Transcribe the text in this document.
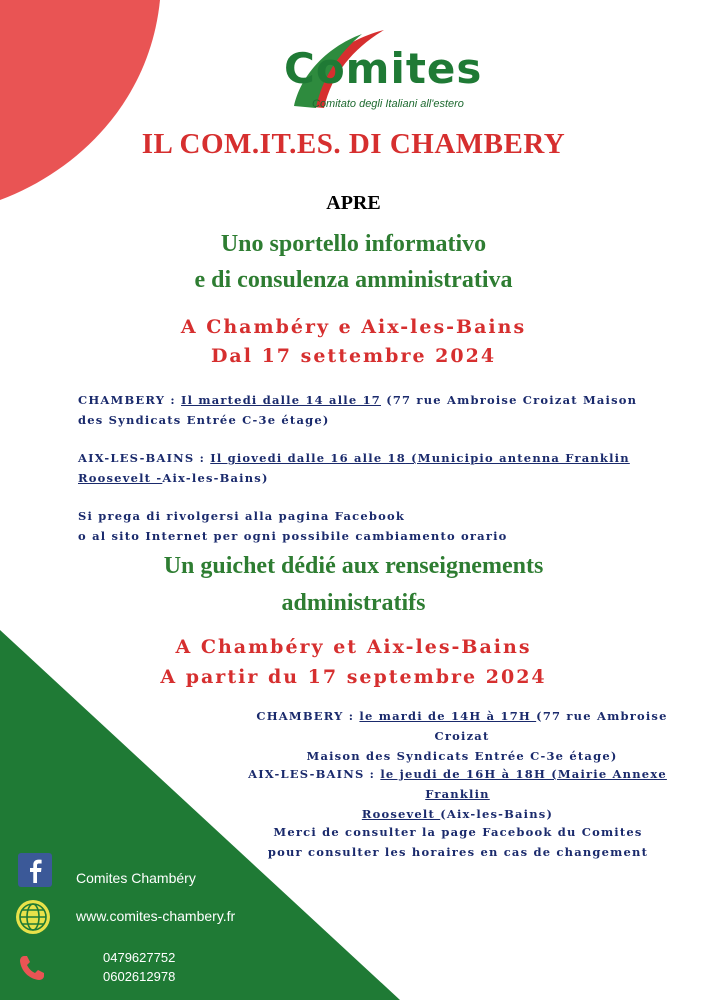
Comites
Comitato degli Italiani all'estero
IL COM.IT.ES. DI CHAMBERY
APRE
Uno sportello informativo
e di consulenza amministrativa
A Chambéry e Aix-les-Bains
Dal 17 settembre 2024
CHAMBERY : Il martedi dalle 14 alle 17 (77 rue Ambroise Croizat Maison
des Syndicats Entrée C-3e étage)
AIX-LES-BAINS : Il giovedi dalle 16 alle 18 (Municipio antenna Franklin
Roosevelt -Aix-les-Bains)
Si prega di rivolgersi alla pagina Facebook
o al sito Internet per ogni possibile cambiamento orario
Un guichet dédié aux renseignements
administratifs
A Chambéry et Aix-les-Bains
A partir du 17 septembre 2024
CHAMBERY : le mardi de 14H à 17H (77 rue Ambroise Croizat
Maison des Syndicats Entrée C-3e étage)
AIX-LES-BAINS : le jeudi de 16H à 18H (Mairie Annexe Franklin
Roosevelt (Aix-les-Bains)
Merci de consulter la page Facebook du Comites
pour consulter les horaires en cas de changement
Comites Chambéry
www.comites-chambery.fr
0479627752
0602612978
